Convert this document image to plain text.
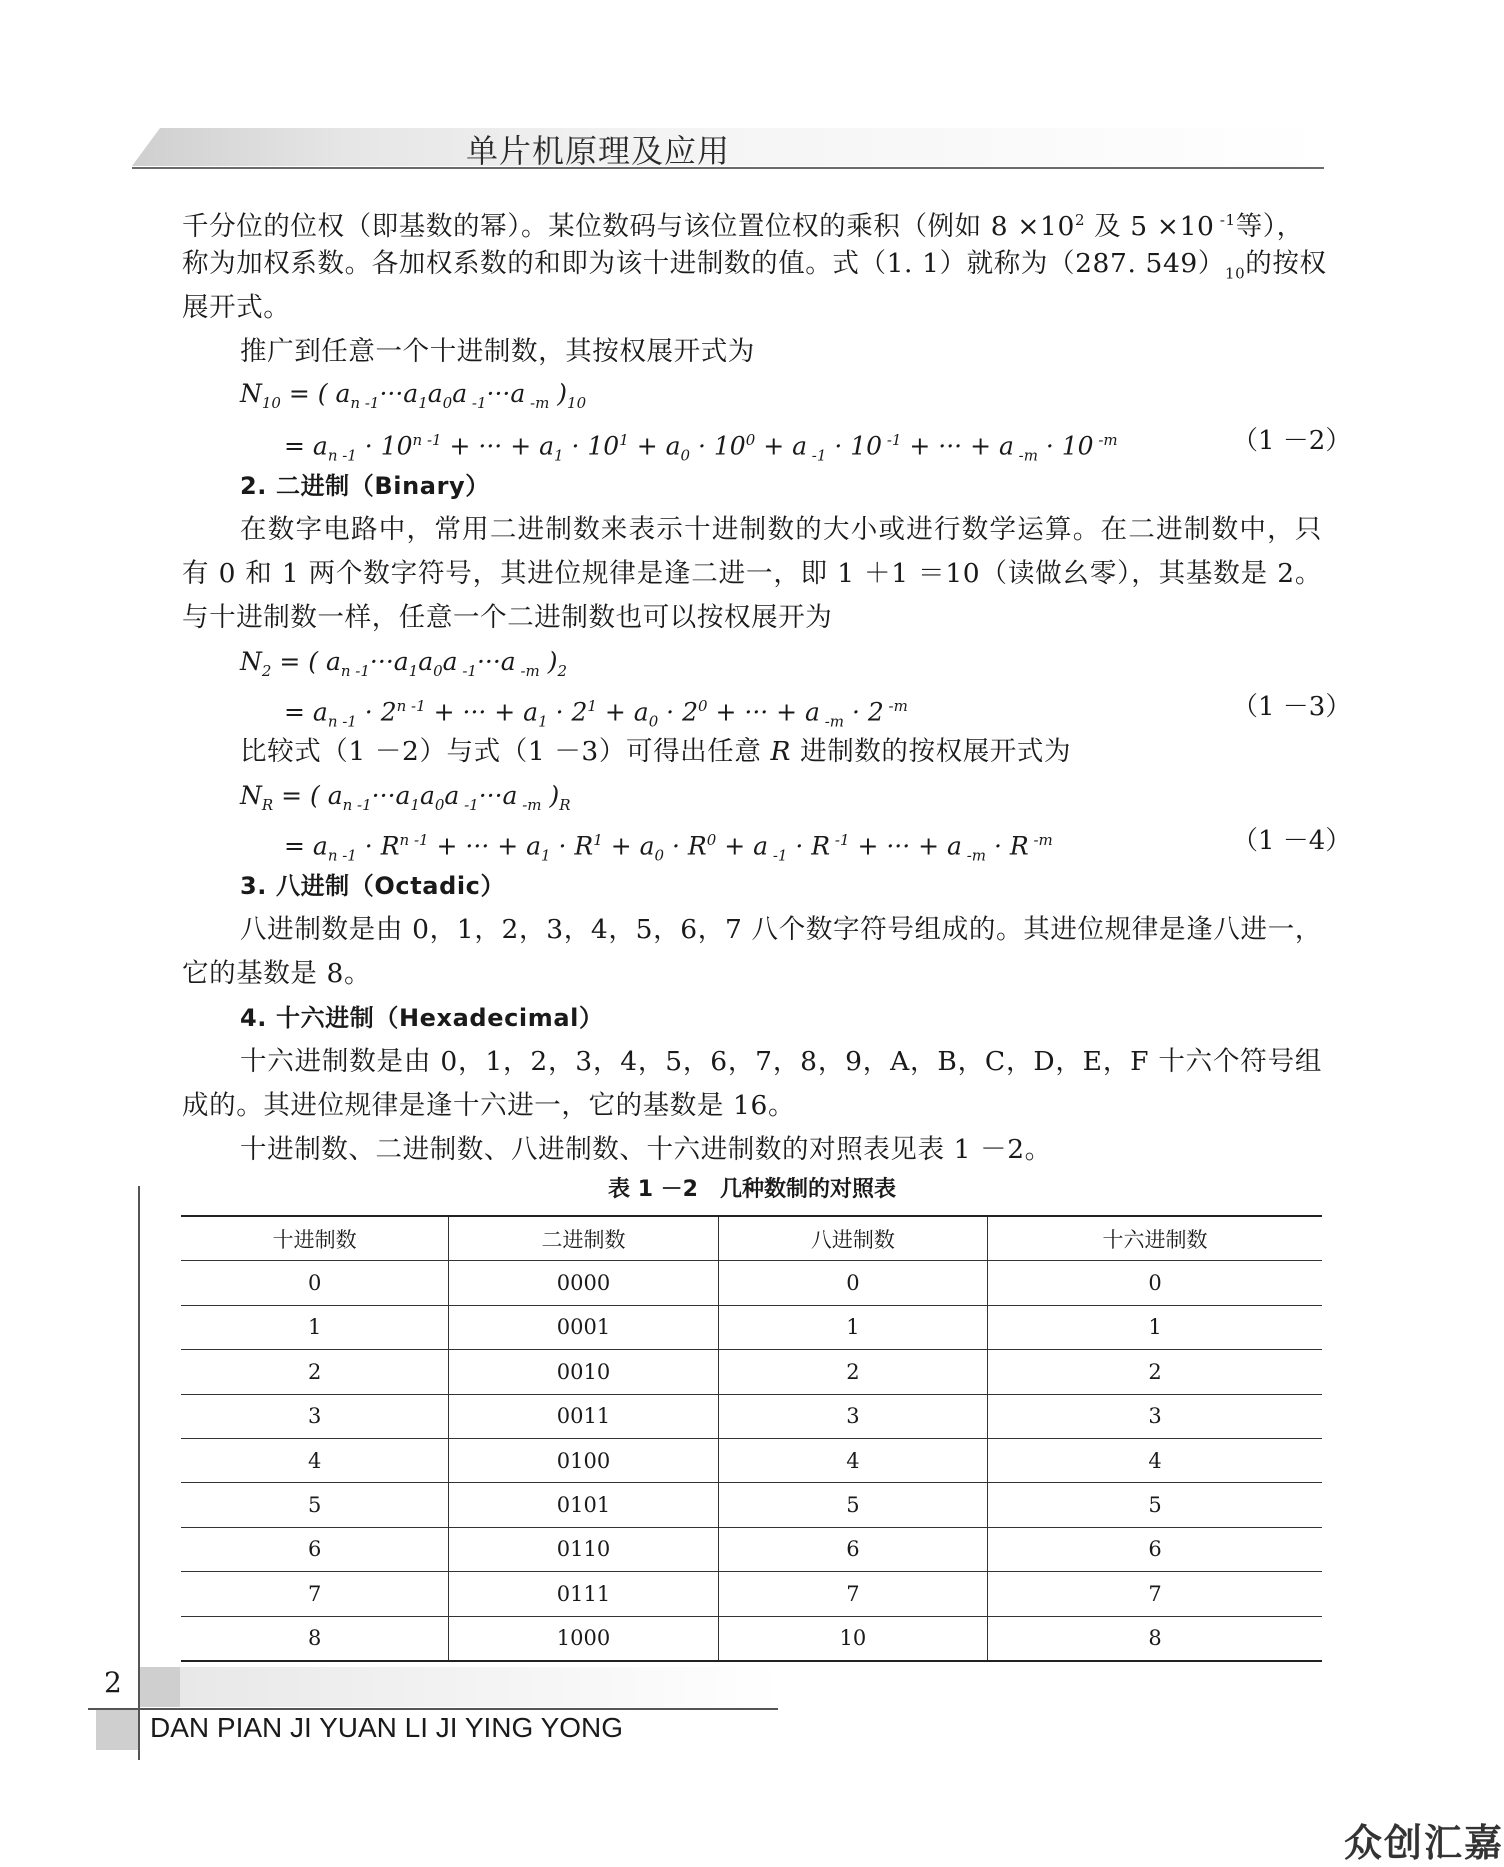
单片机原理及应用
千分位的位权（即基数的幂）。某位数码与该位置位权的乘积（例如 $8 \times 10^2$ 及 5 ×10 $^{-1}$等），
称为加权系数。各加权系数的和即为该十进制数的值。式（1. 1）就称为（287. $549)_{10}$的按权
展开式。
推广到任意一个十进制数，其按权展开式为
$N_{10}$ = ( $a_{n -1}\cdot\cdot\cdot a_1a_0a$ $_{-1}$···a $_{-m}$ )$_{10}$
= $a_{n -1} \cdot 10^{n -1}$ + ··· + $a_1 \cdot 10^1 + a_0 \cdot 10^0 + a$ $_{-1}$ · 10 $^{-1}$ + ··· + a $_{-m}$ · 10 $^{-m}$	（1 －2）
2. 二进制（Binary）
在数字电路中，常用二进制数来表示十进制数的大小或进行数学运算。在二进制数中，只有 0 和 1 两个数字符号，其进位规律是逢二进一，即 1 ＋1 ＝10（读做幺零），其基数是 2。与十进制数一样，任意一个二进制数也可以按权展开为
$N_2$ = ( $a_{n -1}\cdot\cdot\cdot a_1a_0a$ $_{-1}$···a $_{-m}$ )$_2$
= $a_{n -1} \cdot 2^{n -1}$ + ··· + $a_1 \cdot 2^1 + a_0 \cdot 2^0$ + ··· + a $_{-m}$ · 2 $^{-m}$	（1 －3）
比较式（1 －2）与式（1 －3）可得出任意 R 进制数的按权展开式为
$N_R$ = ( $a_{n -1}\cdot\cdot\cdot a_1a_0a$ $_{-1}$···a $_{-m}$ )$_R$
= $a_{n -1} \cdot R^{n -1}$ + ··· + $a_1 \cdot R^1 + a_0 \cdot R^0 + a$ $_{-1}$ · R $^{-1}$ + ··· + a $_{-m}$ · R $^{-m}$	（1 －4）
3. 八进制（Octadic）
八进制数是由 0，1，2，3，4，5，6，7 八个数字符号组成的。其进位规律是逢八进一，它的基数是 8。
4. 十六进制（Hexadecimal）
十六进制数是由 0，1，2，3，4，5，6，7，8，9，A，B，C，D，E，F 十六个符号组成的。其进位规律是逢十六进一，它的基数是 16。
十进制数、二进制数、八进制数、十六进制数的对照表见表 1 －2。
表 1 －2　几种数制的对照表
十进制数	二进制数	八进制数	十六进制数
0	0000	0	0
1	0001	1	1
2	0010	2	2
3	0011	3	3
4	0100	4	4
5	0101	5	5
6	0110	6	6
7	0111	7	7
8	1000	10	8
2
DAN PIAN JI YUAN LI JI YING YONG
众创汇嘉
